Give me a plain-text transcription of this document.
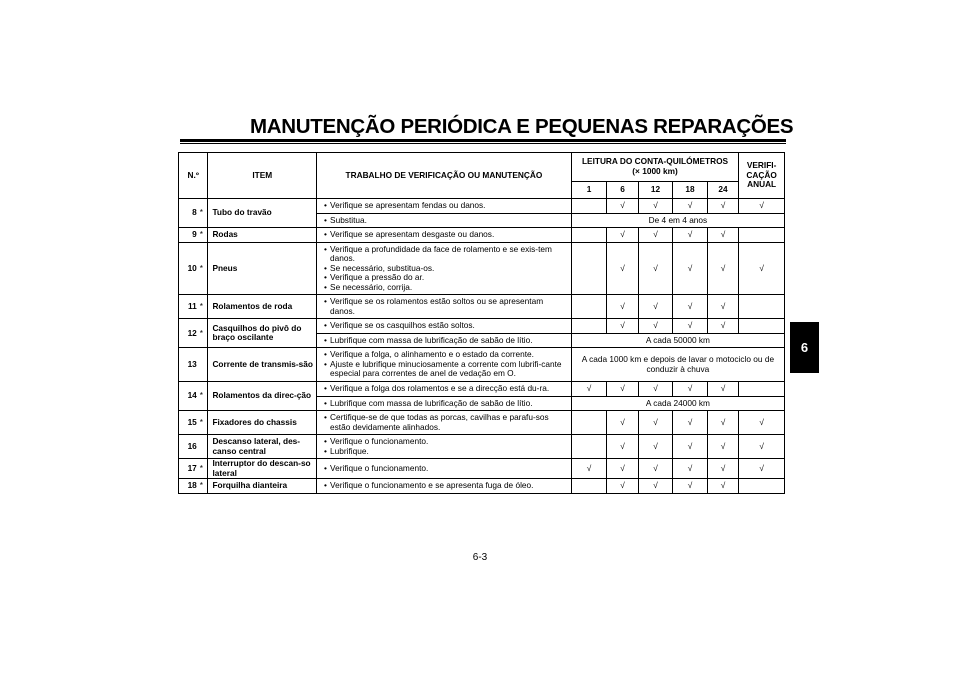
MANUTENÇÃO PERIÓDICA E PEQUENAS REPARAÇÕES
6
6-3
N.º		ITEM	TRABALHO DE VERIFICAÇÃO OU MANUTENÇÃO	LEITURA DO CONTA-QUILÓMETROS
(× 1000 km)					VERIFI-CAÇÃO ANUAL
				1	6	12	18	24	
8	*	Tubo do travão	• Verifique se apresentam fendas ou danos.		√	√	√	√	√

			• Substitua.	De 4 em 4 anos					
9	*	Rodas	• Verifique se apresentam desgaste ou danos.		√	√	√	√	
10	*	Pneus	• Verifique a profundidade da face de rolamento e se exis-tem danos.
• Se necessário, substitua-os.
• Verifique a pressão do ar.
• Se necessário, corrija.		√	√	√	√	√
11	*	Rolamentos de roda	• Verifique se os rolamentos estão soltos ou se apresentam danos.		√	√	√	√	
12	*	Casquilhos do pivô do braço oscilante	• Verifique se os casquilhos estão soltos.		√	√	√	√	

			• Lubrifique com massa de lubrificação de sabão de lítio.	A cada 50000 km					
13		Corrente de transmis-são	• Verifique a folga, o alinhamento e o estado da corrente.
• Ajuste e lubrifique minuciosamente a corrente com lubrifi-cante especial para correntes de anel de vedação em O.	A cada 1000 km e depois de lavar o motociclo ou de conduzir à chuva					
14	*	Rolamentos da direc-ção	• Verifique a folga dos rolamentos e se a direcção está du-ra.	√	√	√	√	√	

			• Lubrifique com massa de lubrificação de sabão de lítio.	A cada 24000 km					
15	*	Fixadores do chassis	• Certifique-se de que todas as porcas, cavilhas e parafu-sos estão devidamente alinhados.		√	√	√	√	√
16		Descanso lateral, des-canso central	• Verifique o funcionamento.
• Lubrifique.		√	√	√	√	√
17	*	Interruptor do descan-so lateral	• Verifique o funcionamento.	√	√	√	√	√	√
18	*	Forquilha dianteira	• Verifique o funcionamento e se apresenta fuga de óleo.		√	√	√	√	
